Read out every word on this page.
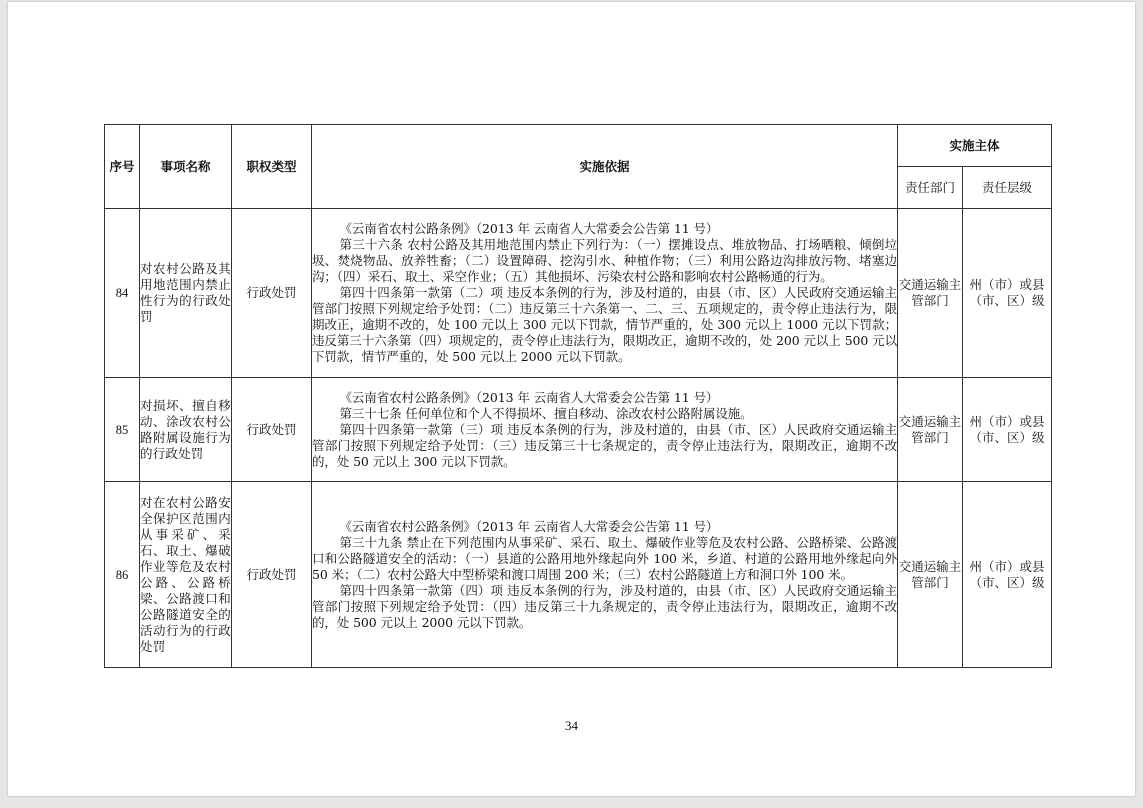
序号	事项名称	职权类型	实施依据	实施主体	
				责任部门	责任层级
84	对农村公路及其用地范围内禁止性行为的行政处罚	行政处罚	《云南省农村公路条例》（2013 年 云南省人大常委会公告第 11 号）

第三十六条 农村公路及其用地范围内禁止下列行为：（一）摆摊设点、堆放物品、打场晒粮、倾倒垃圾、焚烧物品、放养牲畜；（二）设置障碍、挖沟引水、种植作物；（三）利用公路边沟排放污物、堵塞边沟；（四）采石、取土、采空作业；（五）其他损坏、污染农村公路和影响农村公路畅通的行为。

第四十四条第一款第（二）项 违反本条例的行为，涉及村道的，由县（市、区）人民政府交通运输主管部门按照下列规定给予处罚：（二）违反第三十六条第一、二、三、五项规定的，责令停止违法行为，限期改正，逾期不改的，处 100 元以上 300 元以下罚款，情节严重的，处 300 元以上 1000 元以下罚款；违反第三十六条第（四）项规定的，责令停止违法行为，限期改正，逾期不改的，处 200 元以上 500 元以下罚款，情节严重的，处 500 元以上 2000 元以下罚款。	交通运输主管部门	州（市）或县（市、区）级
85	对损坏、擅自移动、涂改农村公路附属设施行为的行政处罚	行政处罚	《云南省农村公路条例》（2013 年 云南省人大常委会公告第 11 号）

第三十七条 任何单位和个人不得损坏、擅自移动、涂改农村公路附属设施。

第四十四条第一款第（三）项 违反本条例的行为，涉及村道的，由县（市、区）人民政府交通运输主管部门按照下列规定给予处罚：（三）违反第三十七条规定的，责令停止违法行为，限期改正，逾期不改的，处 50 元以上 300 元以下罚款。	交通运输主管部门	州（市）或县（市、区）级
86	对在农村公路安全保护区范围内从事采矿、采石、取土、爆破作业等危及农村公路、公路桥梁、公路渡口和公路隧道安全的活动行为的行政处罚	行政处罚	《云南省农村公路条例》（2013 年 云南省人大常委会公告第 11 号）

第三十九条 禁止在下列范围内从事采矿、采石、取土、爆破作业等危及农村公路、公路桥梁、公路渡口和公路隧道安全的活动：（一）县道的公路用地外缘起向外 100 米，乡道、村道的公路用地外缘起向外 50 米；（二）农村公路大中型桥梁和渡口周围 200 米；（三）农村公路隧道上方和洞口外 100 米。

第四十四条第一款第（四）项 违反本条例的行为，涉及村道的，由县（市、区）人民政府交通运输主管部门按照下列规定给予处罚：（四）违反第三十九条规定的，责令停止违法行为，限期改正，逾期不改的，处 500 元以上 2000 元以下罚款。	交通运输主管部门	州（市）或县（市、区）级
34
